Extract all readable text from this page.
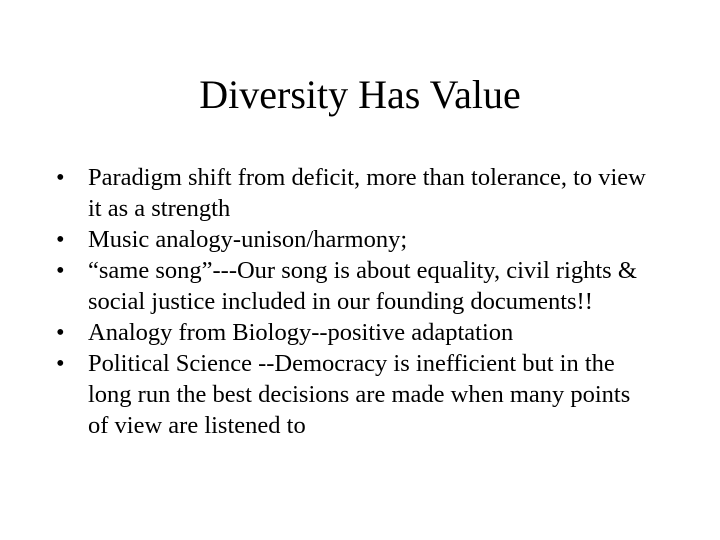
Diversity Has Value
• Paradigm shift from deficit, more than tolerance, to view it as a strength
• Music analogy-unison/harmony;
• “same song”---Our song is about equality, civil rights & social justice included in our founding documents!!
• Analogy from Biology--positive adaptation
• Political Science --Democracy is inefficient but in the long run the best decisions are made when many points of view are listened to
